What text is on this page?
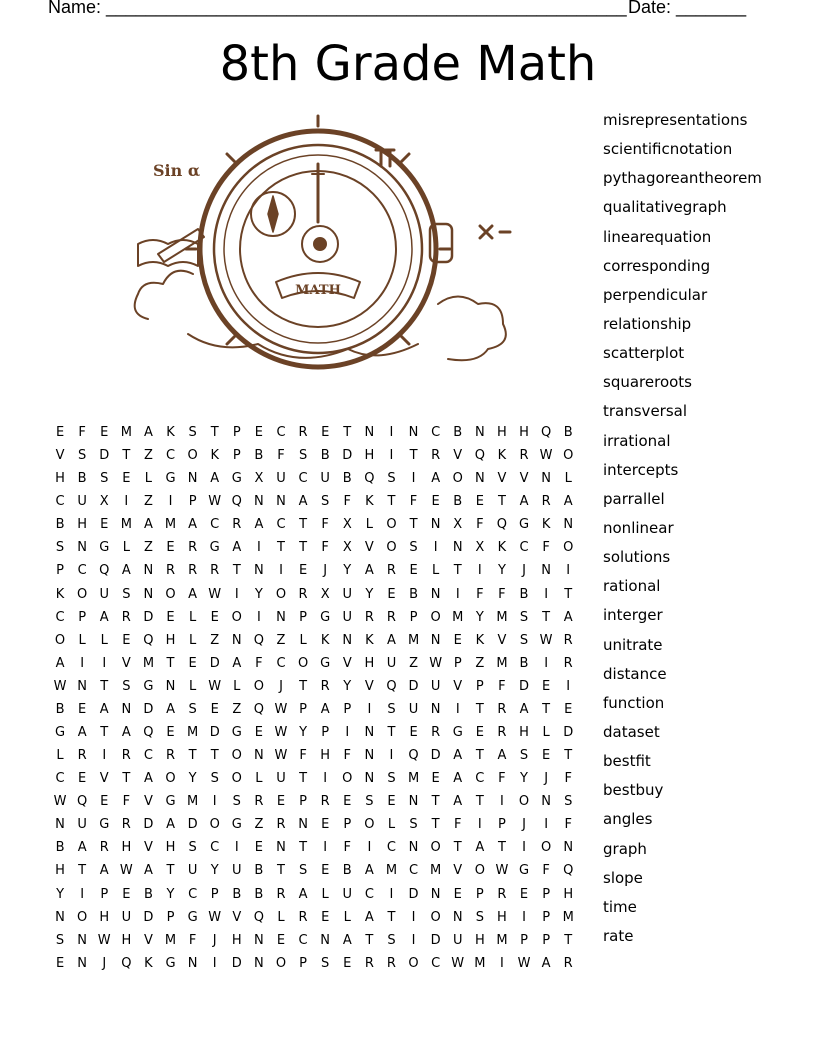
Name: ____________________________________________________ Date: _______
8th Grade Math
Sin α
MATH
E	F	E M A	K	S	T	P	E	C	R	E	T	N	I	N C	B N H H Q B
V	S D	T	Z	C O K	P	B	F	S	B D H	I	T	R	V Q K	R W O
H B	S	E	L	G N A G X U C U B Q S	I	A O N V	V N	L
C U X	I	Z	I	P W Q N N A	S	F	K	T	F	E	B	E	T	A	R	A
B H	E M A M A	C	R	A	C	T	F	X	L	O	T	N X	F	Q G K N
S	N G	L	Z	E	R G A	I	T	T	F	X	V O S	I	N X	K	C	F	O
P	C Q A N R	R	R	T	N	I	E	J	Y	A	R	E	L	T	I	Y	J	N	I
K O U	S	N O A W	I	Y	O R	X U	Y	E	B N	I	F	F	B	I	T
C	P	A	R D E	L	E O	I	N	P	G U R	R	P	O M Y M S	T	A
O	L	L	E Q H	L	Z N Q Z	L	K N K	A M N	E	K	V	S W R
A	I	I	V M T	E D A	F	C O G V H U Z W P	Z M B	I	R
W N	T	S G N	L W L	O	J	T	R	Y	V Q D U V	P	F	D E	I
B	E	A N D A	S	E	Z Q W P	A	P	I	S	U N	I	T	R	A	T	E
G A	T	A Q E M D G E W Y	P	I	N	T	E	R G E	R H	L	D
L	R	I	R	C	R	T	T	O N W F	H	F	N	I	Q D A	T	A	S	E	T
C	E	V	T	A O	Y	S O	L	U	T	I	O N	S M E	A	C	F	Y	J	F
W Q E	F	V G M	I	S	R	E	P	R	E	S	E	N	T	A	T	I	O N	S
N U G R D A D O G Z	R N	E	P	O	L	S	T	F	I	P	J	I	F
B	A	R H V H	S	C	I	E	N	T	I	F	I	C N O	T	A	T	I	O N
H	T	A W A	T	U	Y	U B	T	S	E	B	A M C M V O W G	F	Q
Y	I	P	E	B	Y	C	P	B	B	R	A	L	U C	I	D N	E	P	R	E	P	H
N O H U D	P	G W V Q	L	R	E	L	A	T	I	O N	S	H	I	P M
S	N W H V M F	J	H N	E	C N A	T	S	I	D U H M P	P	T
E	N	J	Q K G N	I	D N O	P	S	E	R	R O C W M	I	W A	R
misrepresentations
scientificnotation
pythagoreantheorem
qualitativegraph
linearequation
corresponding
perpendicular
relationship
scatterplot
squareroots
transversal
irrational
intercepts
parrallel
nonlinear
solutions
rational
interger
unitrate
distance
function
dataset
bestfit
bestbuy
angles
graph
slope
time
rate
